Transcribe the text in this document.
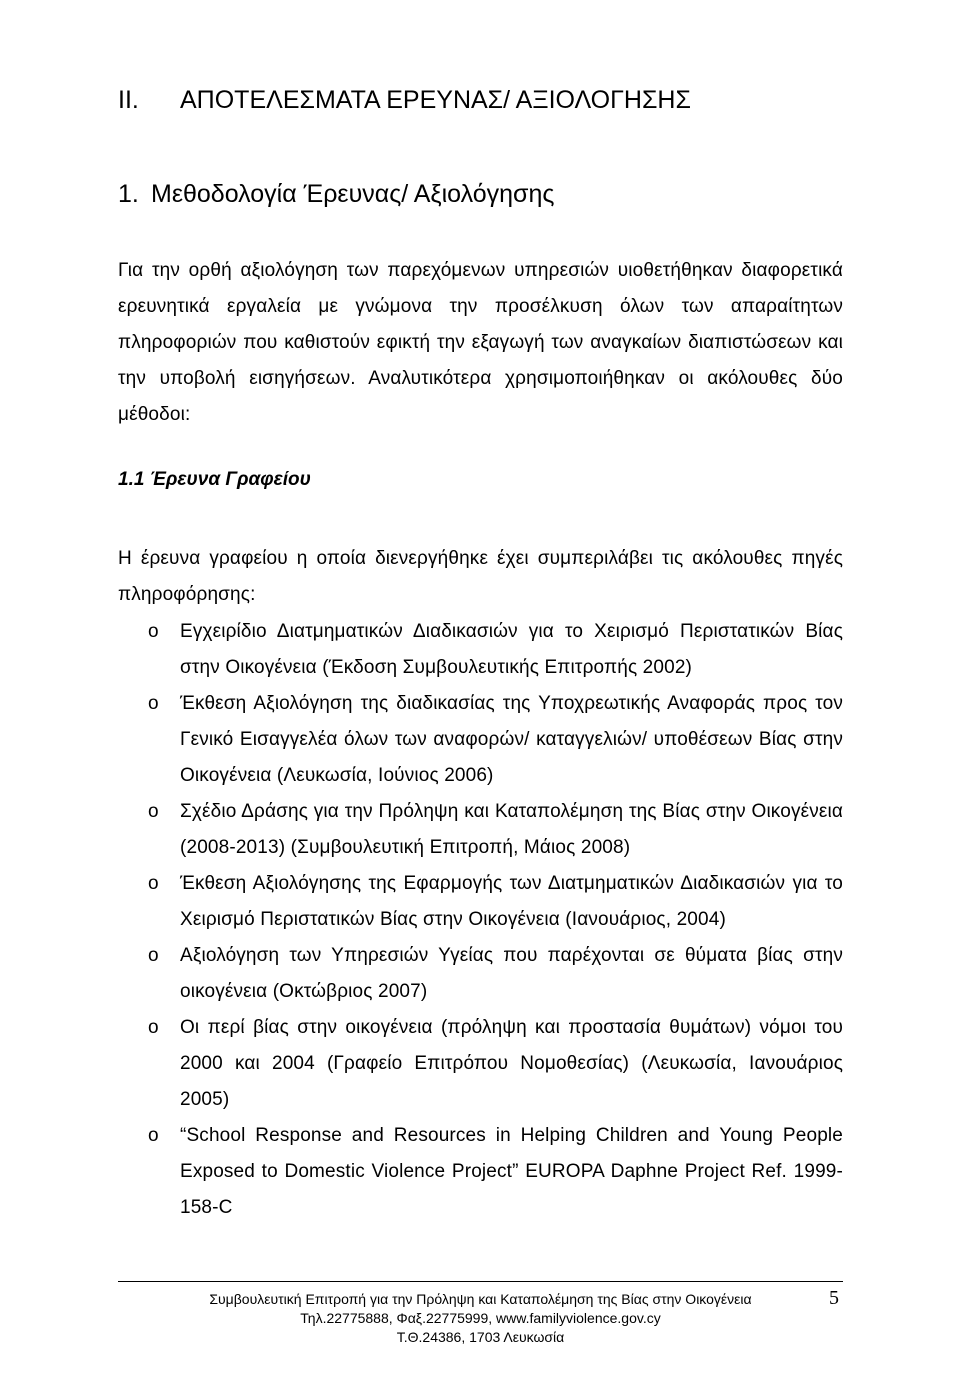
II. ΑΠΟΤΕΛΕΣΜΑΤΑ ΕΡΕΥΝΑΣ/ ΑΞΙΟΛΟΓΗΣΗΣ
1. Μεθοδολογία Έρευνας/ Αξιολόγησης

Για την ορθή αξιολόγηση των παρεχόμενων υπηρεσιών υιοθετήθηκαν διαφορετικά ερευνητικά εργαλεία με γνώμονα την προσέλκυση όλων των απαραίτητων πληροφοριών που καθιστούν εφικτή την εξαγωγή των αναγκαίων διαπιστώσεων και την υποβολή εισηγήσεων. Αναλυτικότερα χρησιμοποιήθηκαν οι ακόλουθες δύο μέθοδοι:

1.1 Έρευνα Γραφείου

Η έρευνα γραφείου η οποία διενεργήθηκε έχει συμπεριλάβει τις ακόλουθες πηγές πληροφόρησης:

o Εγχειρίδιο Διατμηματικών Διαδικασιών για το Χειρισμό Περιστατικών Βίας στην Οικογένεια (Έκδοση Συμβουλευτικής Επιτροπής 2002)
o Έκθεση Αξιολόγηση της διαδικασίας της Υποχρεωτικής Αναφοράς προς τον Γενικό Εισαγγελέα όλων των αναφορών/ καταγγελιών/ υποθέσεων Βίας στην Οικογένεια (Λευκωσία, Ιούνιος 2006)
o Σχέδιο Δράσης για την Πρόληψη και Καταπολέμηση της Βίας στην Οικογένεια (2008-2013) (Συμβουλευτική Επιτροπή, Μάιος 2008)
o Έκθεση Αξιολόγησης της Εφαρμογής των Διατμηματικών Διαδικασιών για το Χειρισμό Περιστατικών Βίας στην Οικογένεια (Ιανουάριος, 2004)
o Αξιολόγηση των Υπηρεσιών Υγείας που παρέχονται σε θύματα βίας στην οικογένεια (Οκτώβριος 2007)
o Οι περί βίας στην οικογένεια (πρόληψη και προστασία θυμάτων) νόμοι του 2000 και 2004 (Γραφείο Επιτρόπου Νομοθεσίας) (Λευκωσία, Ιανουάριος 2005)
o “School Response and Resources in Helping Children and Young People Exposed to Domestic Violence Project” EUROPA Daphne Project Ref. 1999-158-C
Συμβουλευτική Επιτροπή για την Πρόληψη και Καταπολέμηση της Βίας στην Οικογένεια
Τηλ.22775888, Φαξ.22775999, www.familyviolence.gov.cy
Τ.Θ.24386, 1703 Λευκωσία
5
